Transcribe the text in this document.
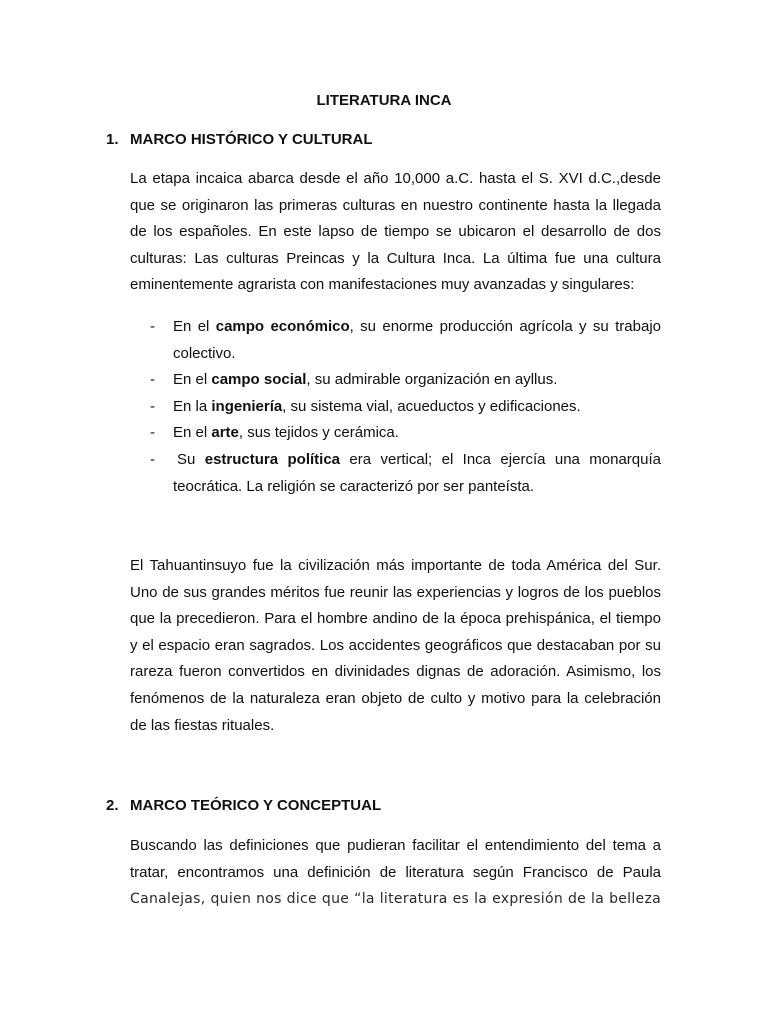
LITERATURA INCA
1. MARCO HISTÓRICO Y CULTURAL
La etapa incaica abarca desde el año 10,000 a.C. hasta el S. XVI d.C.,desde
que se originaron las primeras culturas en nuestro continente hasta la llegada
de los españoles. En este lapso de tiempo se ubicaron el desarrollo de dos
culturas: Las culturas Preincas y la Cultura Inca. La última fue una cultura
eminentemente agrarista con manifestaciones muy avanzadas y singulares:
- En el campo económico, su enorme producción agrícola y su trabajo
colectivo.
- En el campo social, su admirable organización en ayllus.
- En la ingeniería, su sistema vial, acueductos y edificaciones.
- En el arte, sus tejidos y cerámica.
- Su estructura política era vertical; el Inca ejercía una monarquía
teocrática. La religión se caracterizó por ser panteísta.
El Tahuantinsuyo fue la civilización más importante de toda América del Sur.
Uno de sus grandes méritos fue reunir las experiencias y logros de los pueblos
que la precedieron. Para el hombre andino de la época prehispánica, el tiempo
y el espacio eran sagrados. Los accidentes geográficos que destacaban por su
rareza fueron convertidos en divinidades dignas de adoración. Asimismo, los
fenómenos de la naturaleza eran objeto de culto y motivo para la celebración
de las fiestas rituales.
2. MARCO TEÓRICO Y CONCEPTUAL
Buscando las definiciones que pudieran facilitar el entendimiento del tema a
tratar, encontramos una definición de literatura según Francisco de Paula
Canalejas, quien nos dice que “la literatura es la expresión de la belleza
